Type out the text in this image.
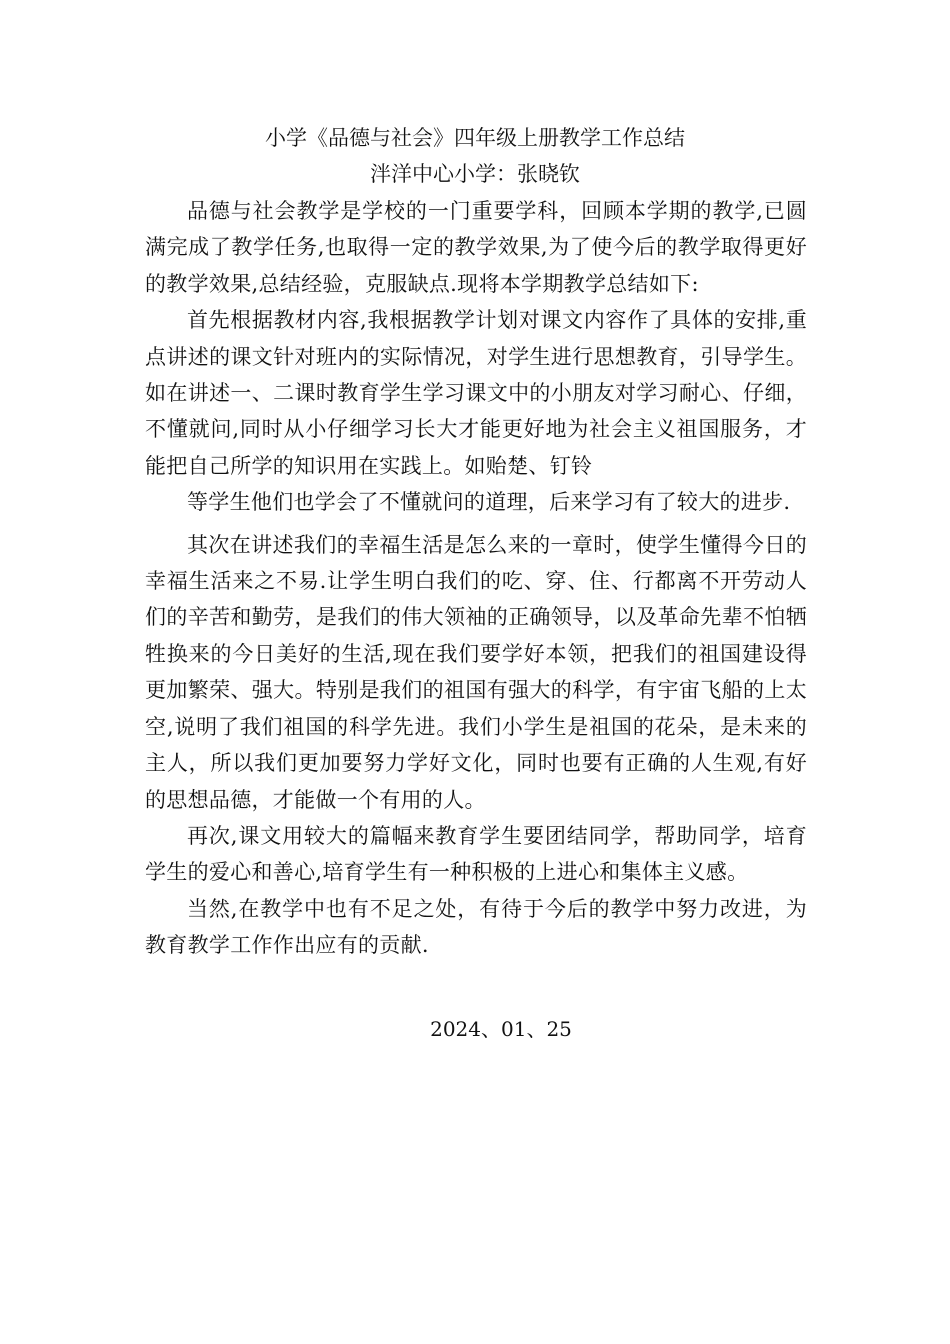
小学《品德与社会》四年级上册教学工作总结
泮洋中心小学：张晓钦

品德与社会教学是学校的一门重要学科，回顾本学期的教学,已圆满完成了教学任务,也取得一定的教学效果,为了使今后的教学取得更好的教学效果,总结经验，克服缺点.现将本学期教学总结如下:

首先根据教材内容,我根据教学计划对课文内容作了具体的安排,重点讲述的课文针对班内的实际情况，对学生进行思想教育，引导学生。如在讲述一、二课时教育学生学习课文中的小朋友对学习耐心、仔细，不懂就问,同时从小仔细学习长大才能更好地为社会主义祖国服务，才能把自己所学的知识用在实践上。如贻楚、钉铃

等学生他们也学会了不懂就问的道理，后来学习有了较大的进步.

其次在讲述我们的幸福生活是怎么来的一章时，使学生懂得今日的幸福生活来之不易.让学生明白我们的吃、穿、住、行都离不开劳动人们的辛苦和勤劳，是我们的伟大领袖的正确领导，以及革命先辈不怕牺牲换来的今日美好的生活,现在我们要学好本领，把我们的祖国建设得更加繁荣、强大。特别是我们的祖国有强大的科学，有宇宙飞船的上太空,说明了我们祖国的科学先进。我们小学生是祖国的花朵，是未来的主人，所以我们更加要努力学好文化，同时也要有正确的人生观,有好的思想品德，才能做一个有用的人。

再次,课文用较大的篇幅来教育学生要团结同学，帮助同学，培育学生的爱心和善心,培育学生有一种积极的上进心和集体主义感。

当然,在教学中也有不足之处，有待于今后的教学中努力改进，为教育教学工作作出应有的贡献.

2024、01、25
